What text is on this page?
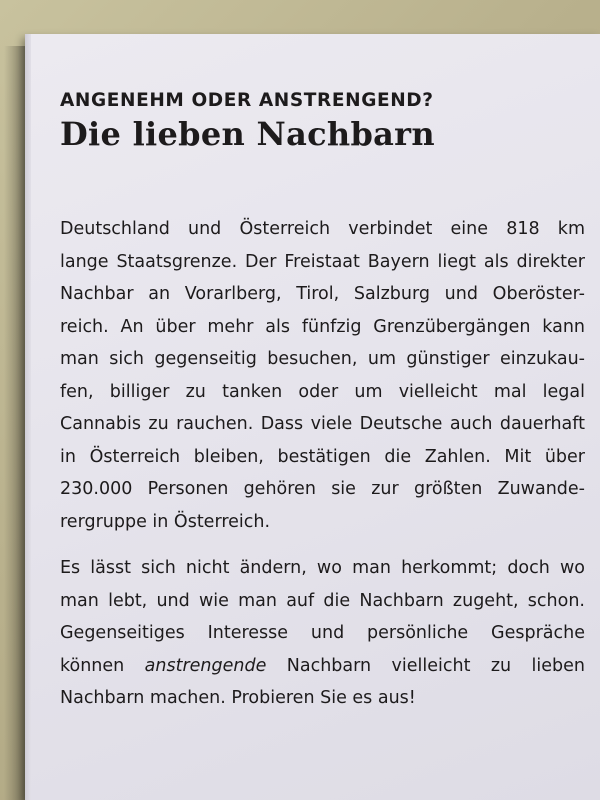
ANGENEHM ODER ANSTRENGEND?

Die lieben Nachbarn

Deutschland und Österreich verbindet eine 818 km
lange Staatsgrenze. Der Freistaat Bayern liegt als direkter
Nachbar an Vorarlberg, Tirol, Salzburg und Oberöster-
reich. An über mehr als fünfzig Grenzübergängen kann
man sich gegenseitig besuchen, um günstiger einzukau-
fen, billiger zu tanken oder um vielleicht mal legal
Cannabis zu rauchen. Dass viele Deutsche auch dauerhaft
in Österreich bleiben, bestätigen die Zahlen. Mit über
230.000 Personen gehören sie zur größten Zuwande-
rergruppe in Österreich.

Es lässt sich nicht ändern, wo man herkommt; doch wo
man lebt, und wie man auf die Nachbarn zugeht, schon.
Gegenseitiges Interesse und persönliche Gespräche
können anstrengende Nachbarn vielleicht zu lieben
Nachbarn machen. Probieren Sie es aus!
